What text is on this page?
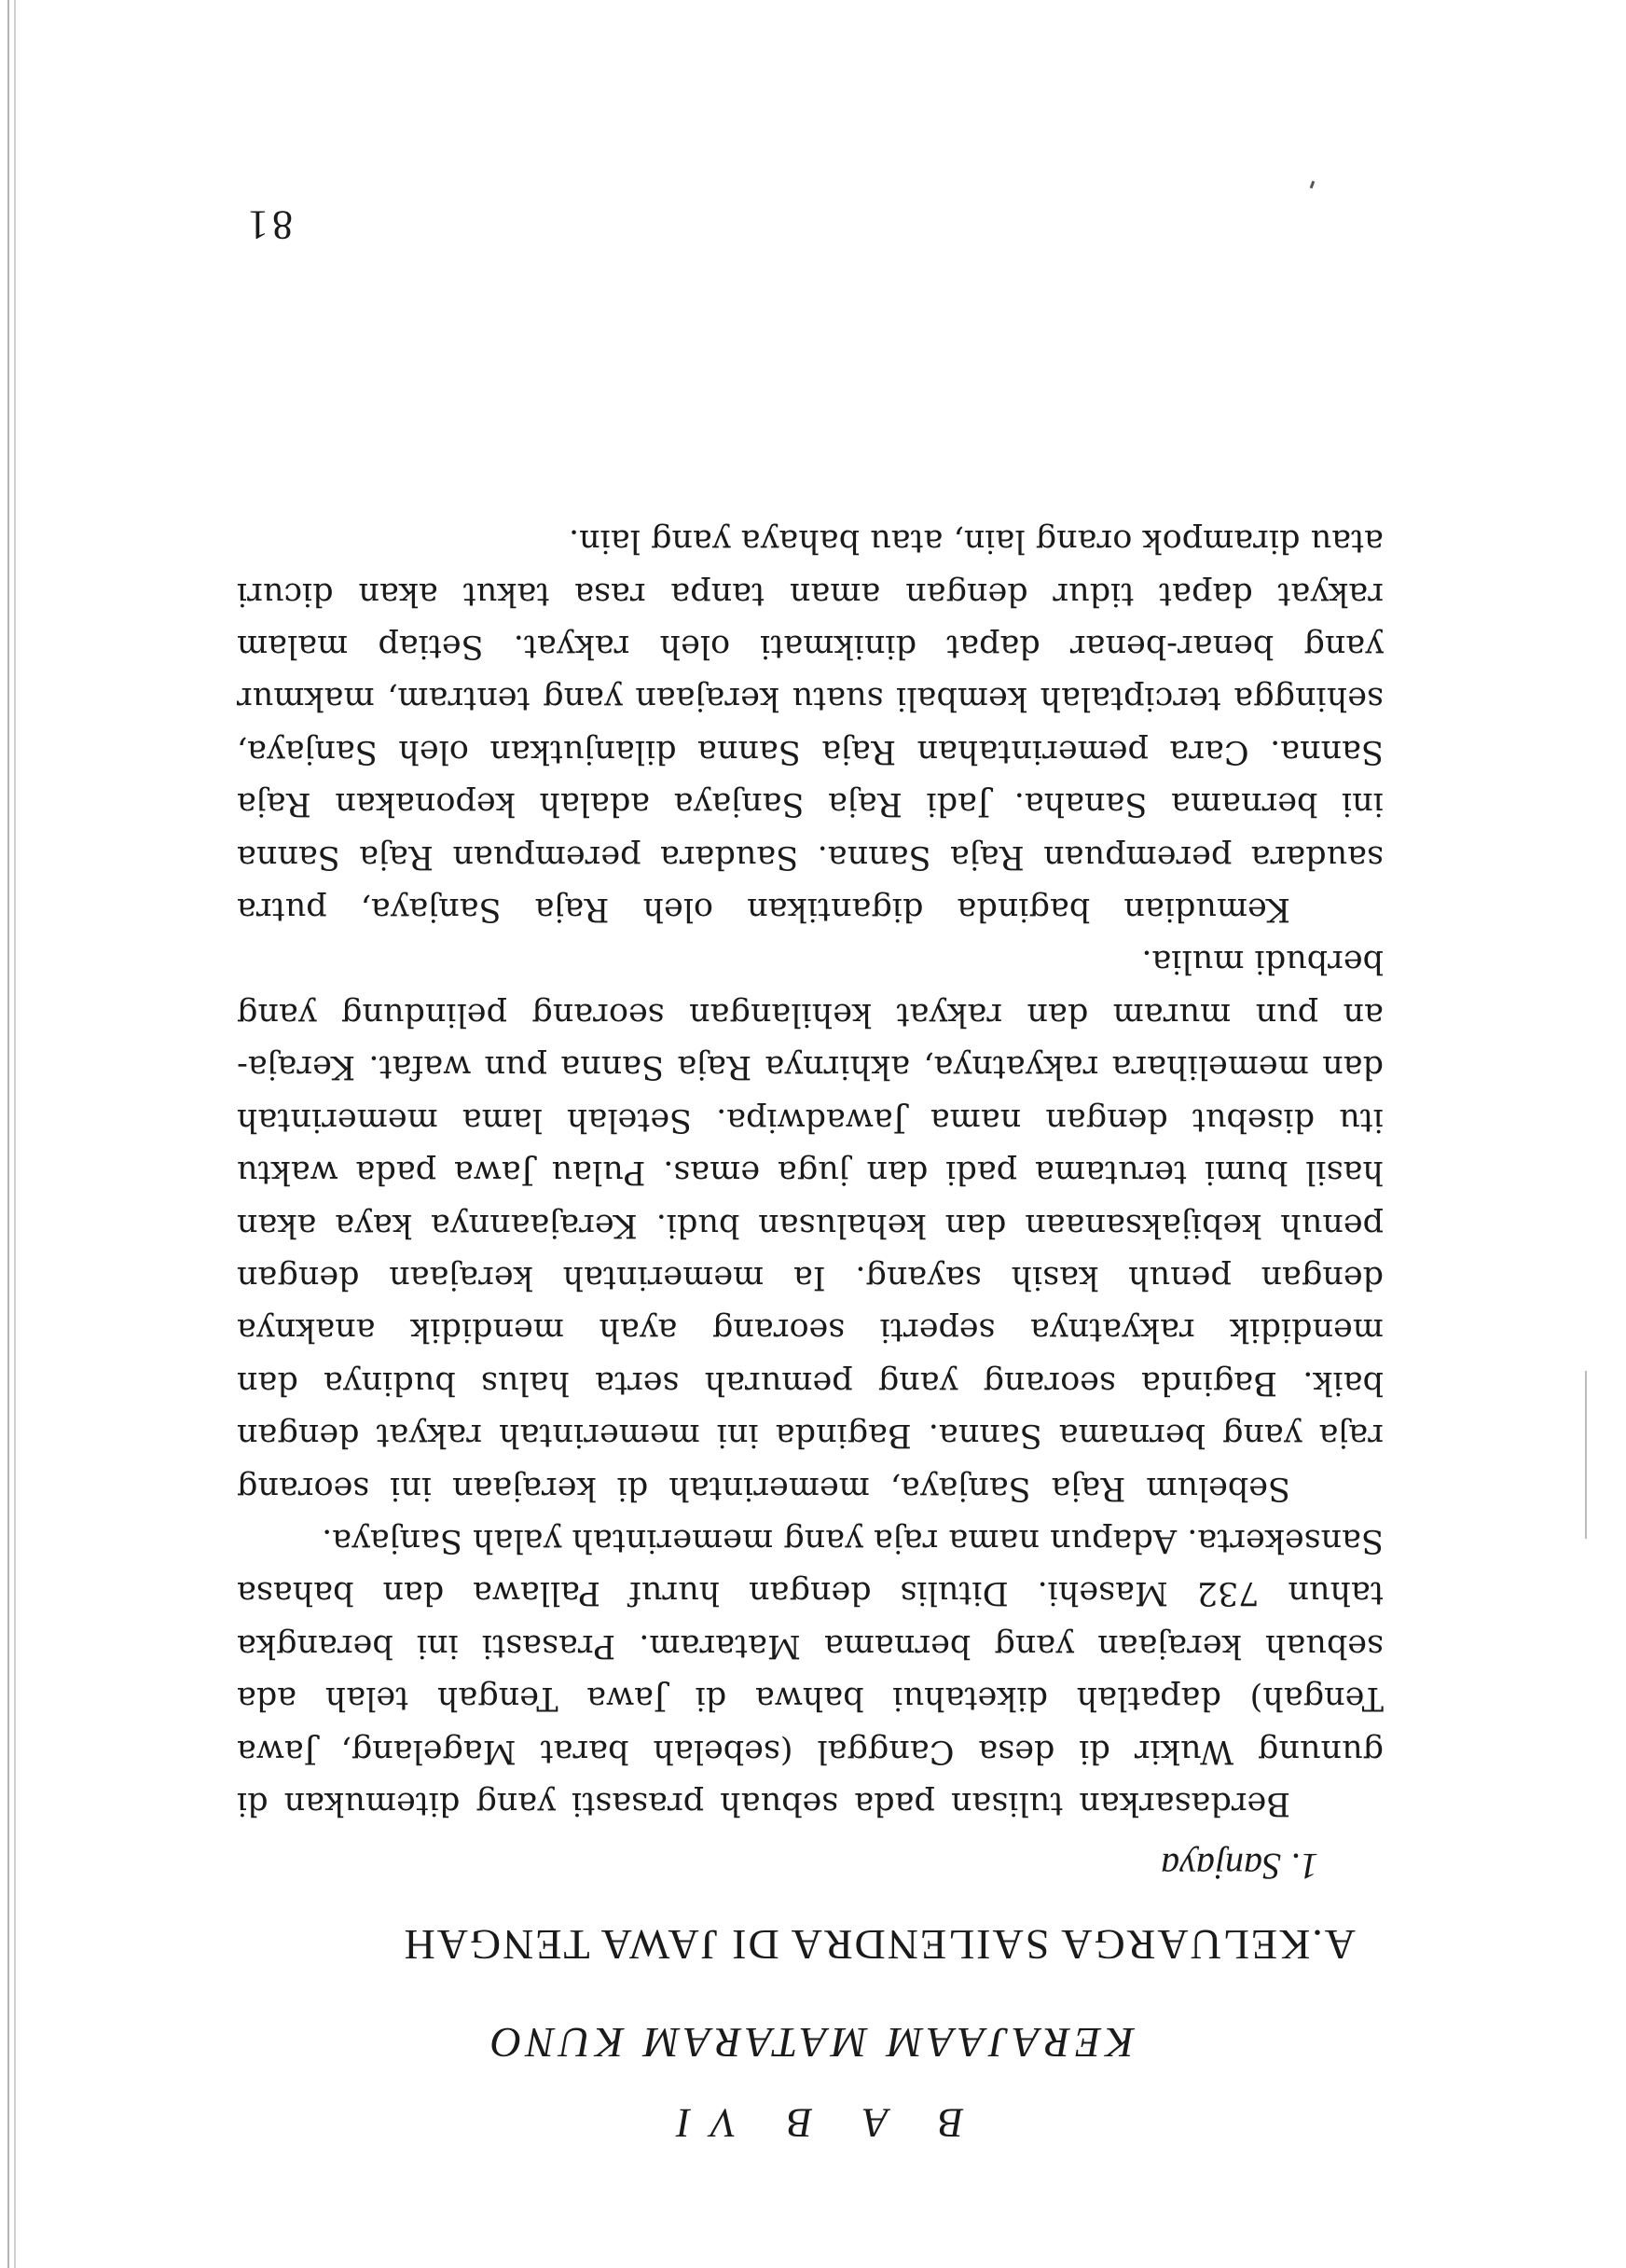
B A B VI
KERAJAAM MATARAM KUNO
A.KELUARGA SAILENDRA DI JAWA TENGAH
1. Sanjaya
Berdasarkan tulisan pada sebuah prasasti yang ditemukan di
gunung Wukir di desa Canggal (sebelah barat Magelang, Jawa
Tengah) dapatlah diketahui bahwa di Jawa Tengah telah ada
sebuah kerajaan yang bernama Mataram. Prasasti ini berangka
tahun 732 Masehi. Ditulis dengan huruf Pallawa dan bahasa
Sansekerta. Adapun nama raja yang memerintah yalah Sanjaya.
Sebelum Raja Sanjaya, memerintah di kerajaan ini seorang
raja yang bernama Sanna. Baginda ini memerintah rakyat dengan
baik. Baginda seorang yang pemurah serta halus budinya dan
mendidik rakyatnya seperti seorang ayah mendidik anaknya
dengan penuh kasih sayang. Ia memerintah kerajaan dengan
penuh kebijaksanaan dan kehalusan budi. Kerajaannya kaya akan
hasil bumi terutama padi dan juga emas. Pulau Jawa pada waktu
itu disebut dengan nama Jawadwipa. Setelah lama memerintah
dan memelihara rakyatnya, akhirnya Raja Sanna pun wafat. Keraja-
an pun muram dan rakyat kehilangan seorang pelindung yang
berbudi mulia.
Kemudian baginda digantikan oleh Raja Sanjaya, putra
saudara perempuan Raja Sanna. Saudara perempuan Raja Sanna
ini bernama Sanaha. Jadi Raja Sanjaya adalah keponakan Raja
Sanna. Cara pemerintahan Raja Sanna dilanjutkan oleh Sanjaya,
sehingga terciptalah kembali suatu kerajaan yang tentram, makmur
yang benar-benar dapat dinikmati oleh rakyat. Setiap malam
rakyat dapat tidur dengan aman tanpa rasa takut akan dicuri
atau dirampok orang lain, atau bahaya yang lain.
81
